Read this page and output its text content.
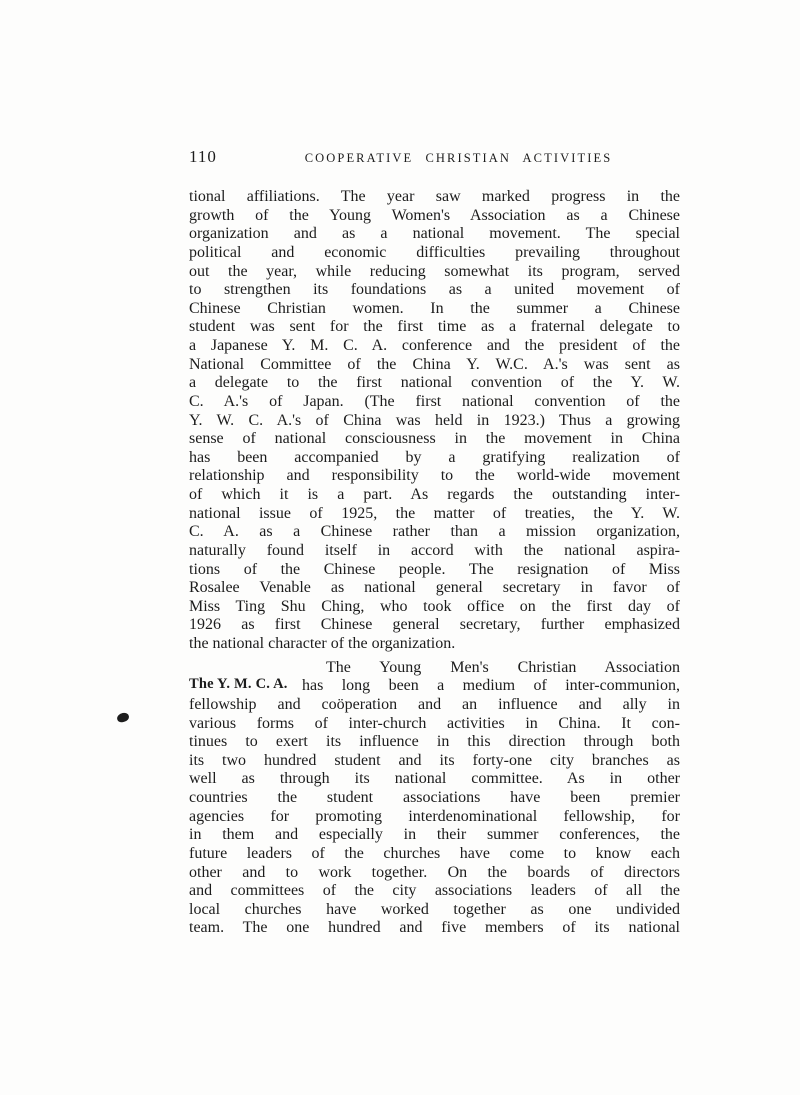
110	COOPERATIVE CHRISTIAN ACTIVITIES
tional affiliations. The year saw marked progress in the
growth of the Young Women's Association as a Chinese
organization and as a national movement. The special
political and economic difficulties prevailing throughout
out the year, while reducing somewhat its program, served
to strengthen its foundations as a united movement of
Chinese Christian women. In the summer a Chinese
student was sent for the first time as a fraternal delegate to
a Japanese Y. M. C. A. conference and the president of the
National Committee of the China Y. W.C. A.'s was sent as
a delegate to the first national convention of the Y. W.
C. A.'s of Japan. (The first national convention of the
Y. W. C. A.'s of China was held in 1923.) Thus a growing
sense of national consciousness in the movement in China
has been accompanied by a gratifying realization of
relationship and responsibility to the world-wide movement
of which it is a part. As regards the outstanding inter-
national issue of 1925, the matter of treaties, the Y. W.
C. A. as a Chinese rather than a mission organization,
naturally found itself in accord with the national aspira-
tions of the Chinese people. The resignation of Miss
Rosalee Venable as national general secretary in favor of
Miss Ting Shu Ching, who took office on the first day of
1926 as first Chinese general secretary, further emphasized
the national character of the organization.
The Young Men's Christian Association
The Y. M. C. A. has long been a medium of inter-communion,
fellowship and coöperation and an influence and ally in
various forms of inter-church activities in China. It con-
tinues to exert its influence in this direction through both
its two hundred student and its forty-one city branches as
well as through its national committee. As in other
countries the student associations have been premier
agencies for promoting interdenominational fellowship, for
in them and especially in their summer conferences, the
future leaders of the churches have come to know each
other and to work together. On the boards of directors
and committees of the city associations leaders of all the
local churches have worked together as one undivided
team. The one hundred and five members of its national
